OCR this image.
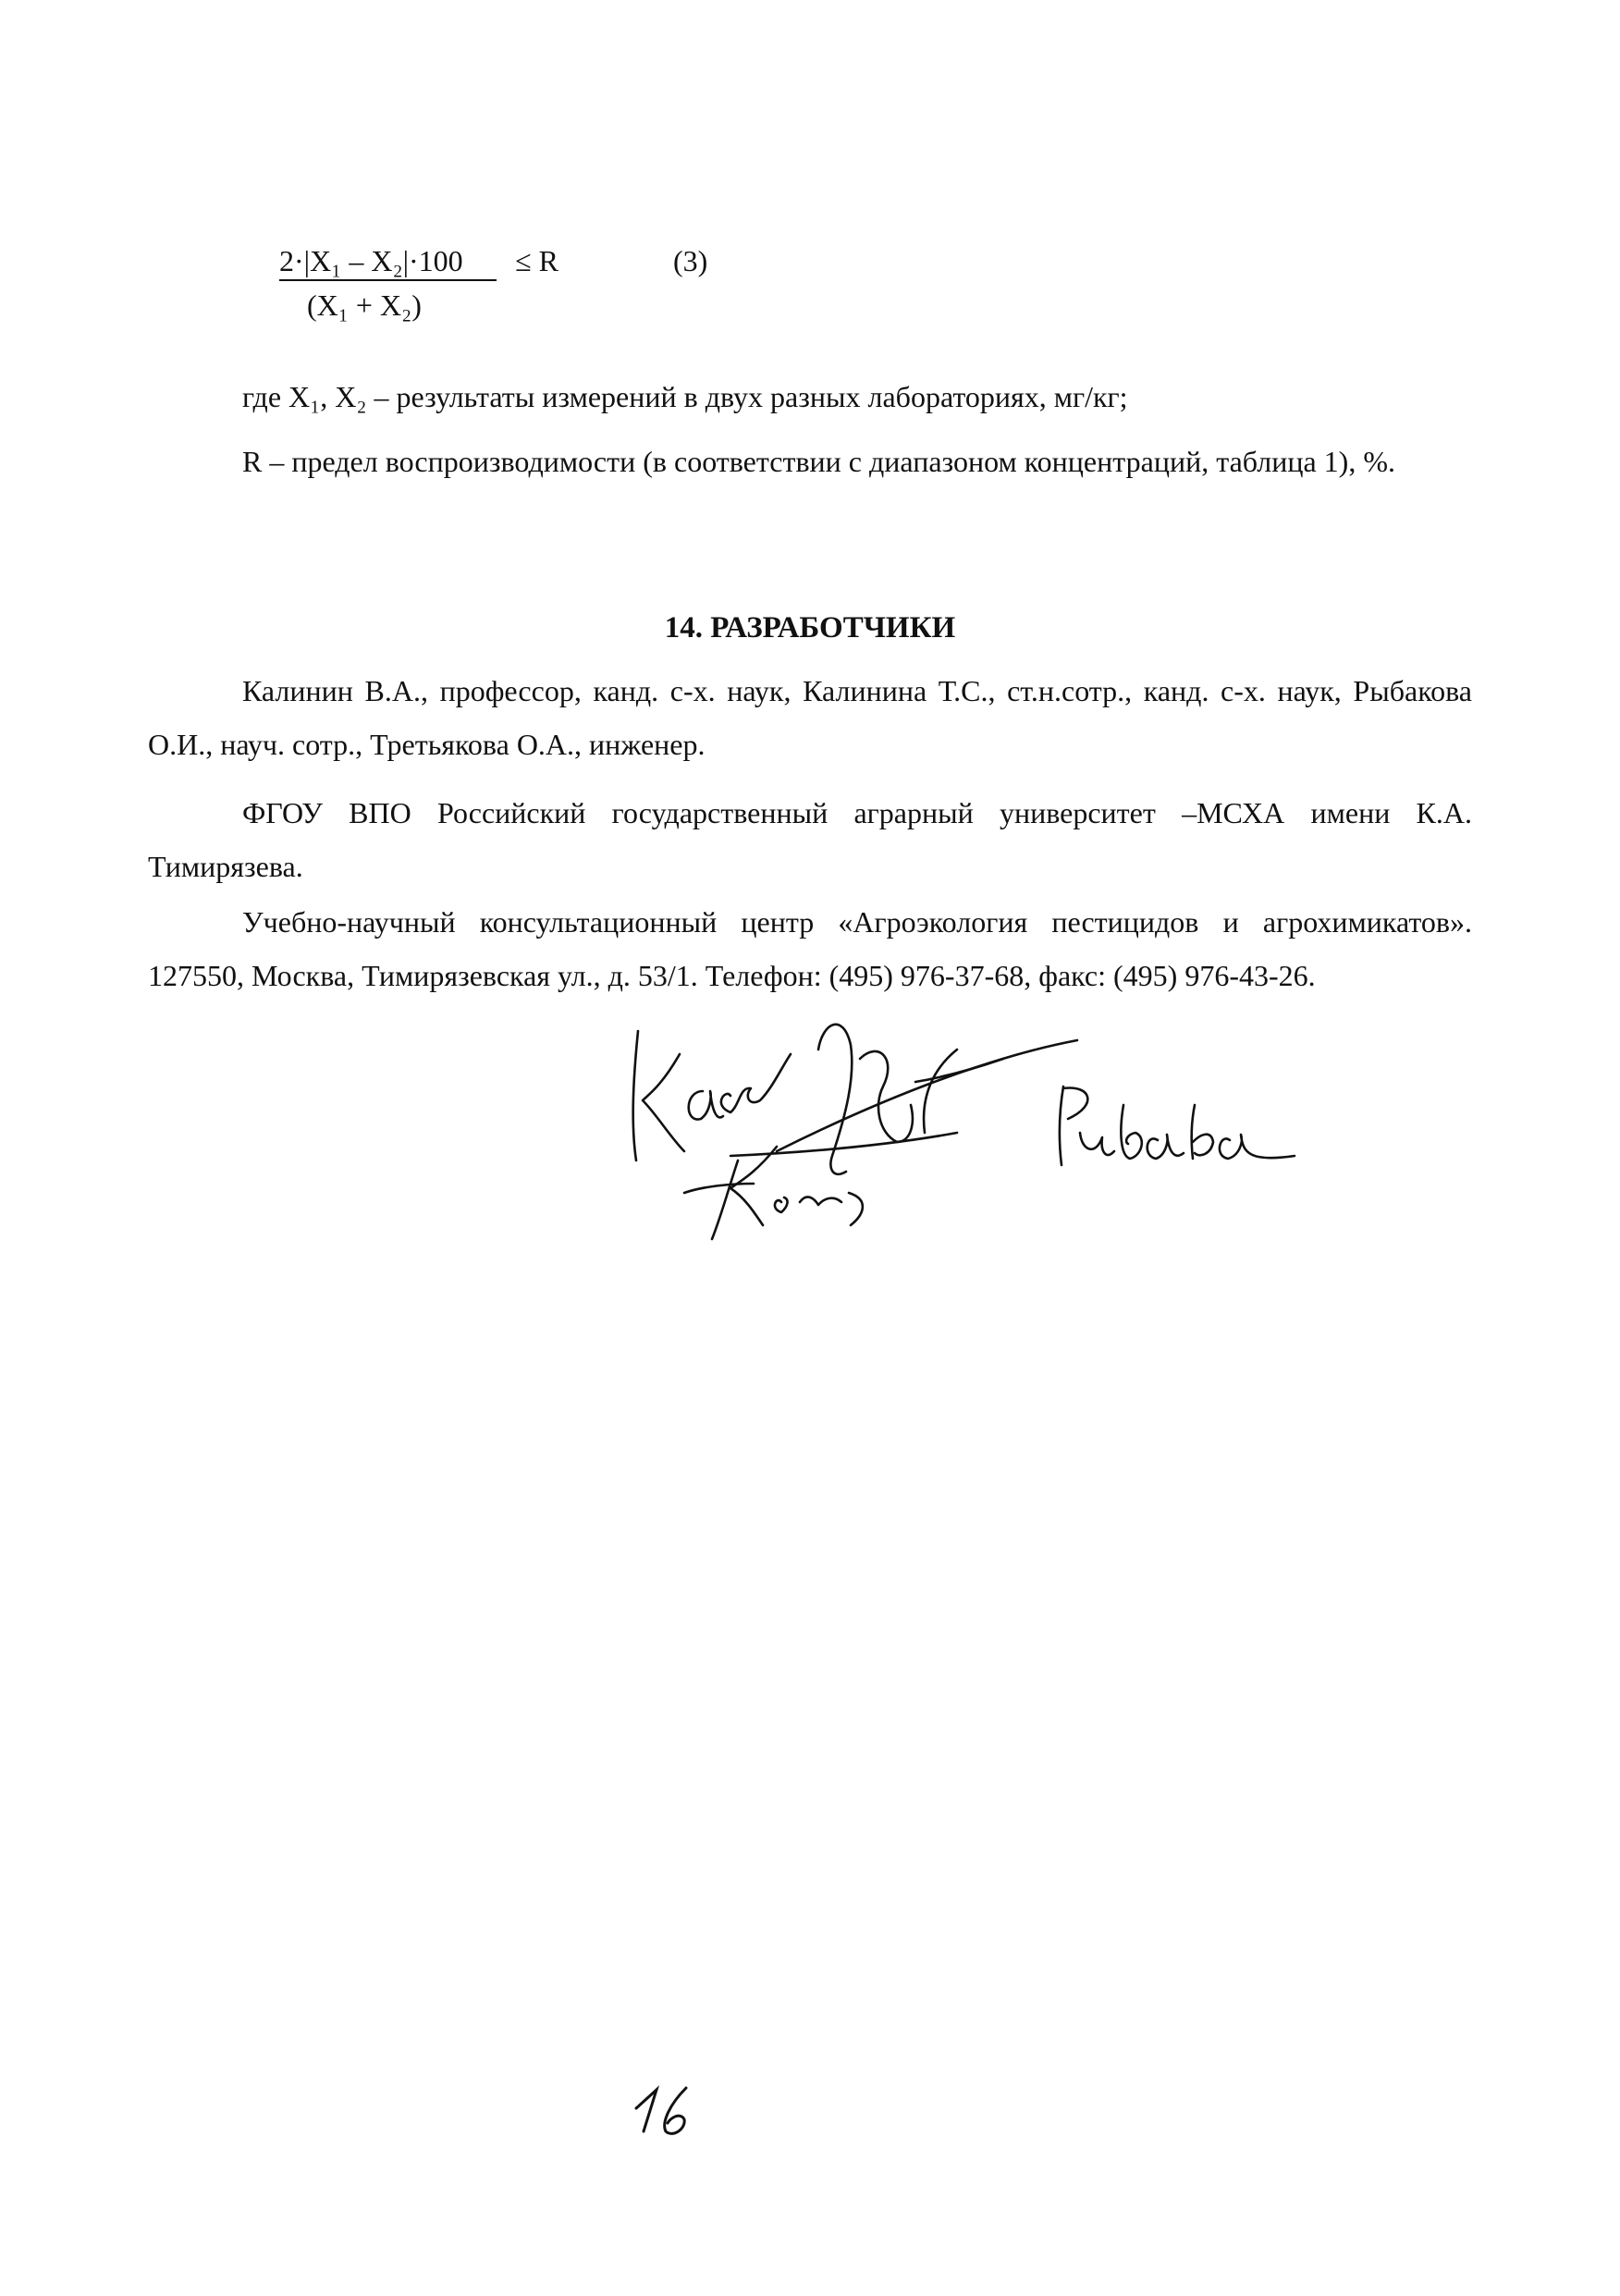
2·|X₁ – X₂|·100	≤ R
(X₁ + X₂)
(3)

где X₁, X₂ – результаты измерений в двух разных лабораториях, мг/кг;

R – предел воспроизводимости (в соответствии с диапазоном концентраций, таблица 1), %.

14. РАЗРАБОТЧИКИ

Калинин В.А., профессор, канд. с-х. наук, Калинина Т.С., ст.н.сотр., канд. с-х. наук, Рыбакова О.И., науч. сотр., Третьякова О.А., инженер.

ФГОУ ВПО Российский государственный аграрный университет –МСХА имени К.А. Тимирязева.

Учебно-научный консультационный центр «Агроэкология пестицидов и агрохимикатов». 127550, Москва, Тимирязевская ул., д. 53/1. Телефон: (495) 976-37-68, факс: (495) 976-43-26.
